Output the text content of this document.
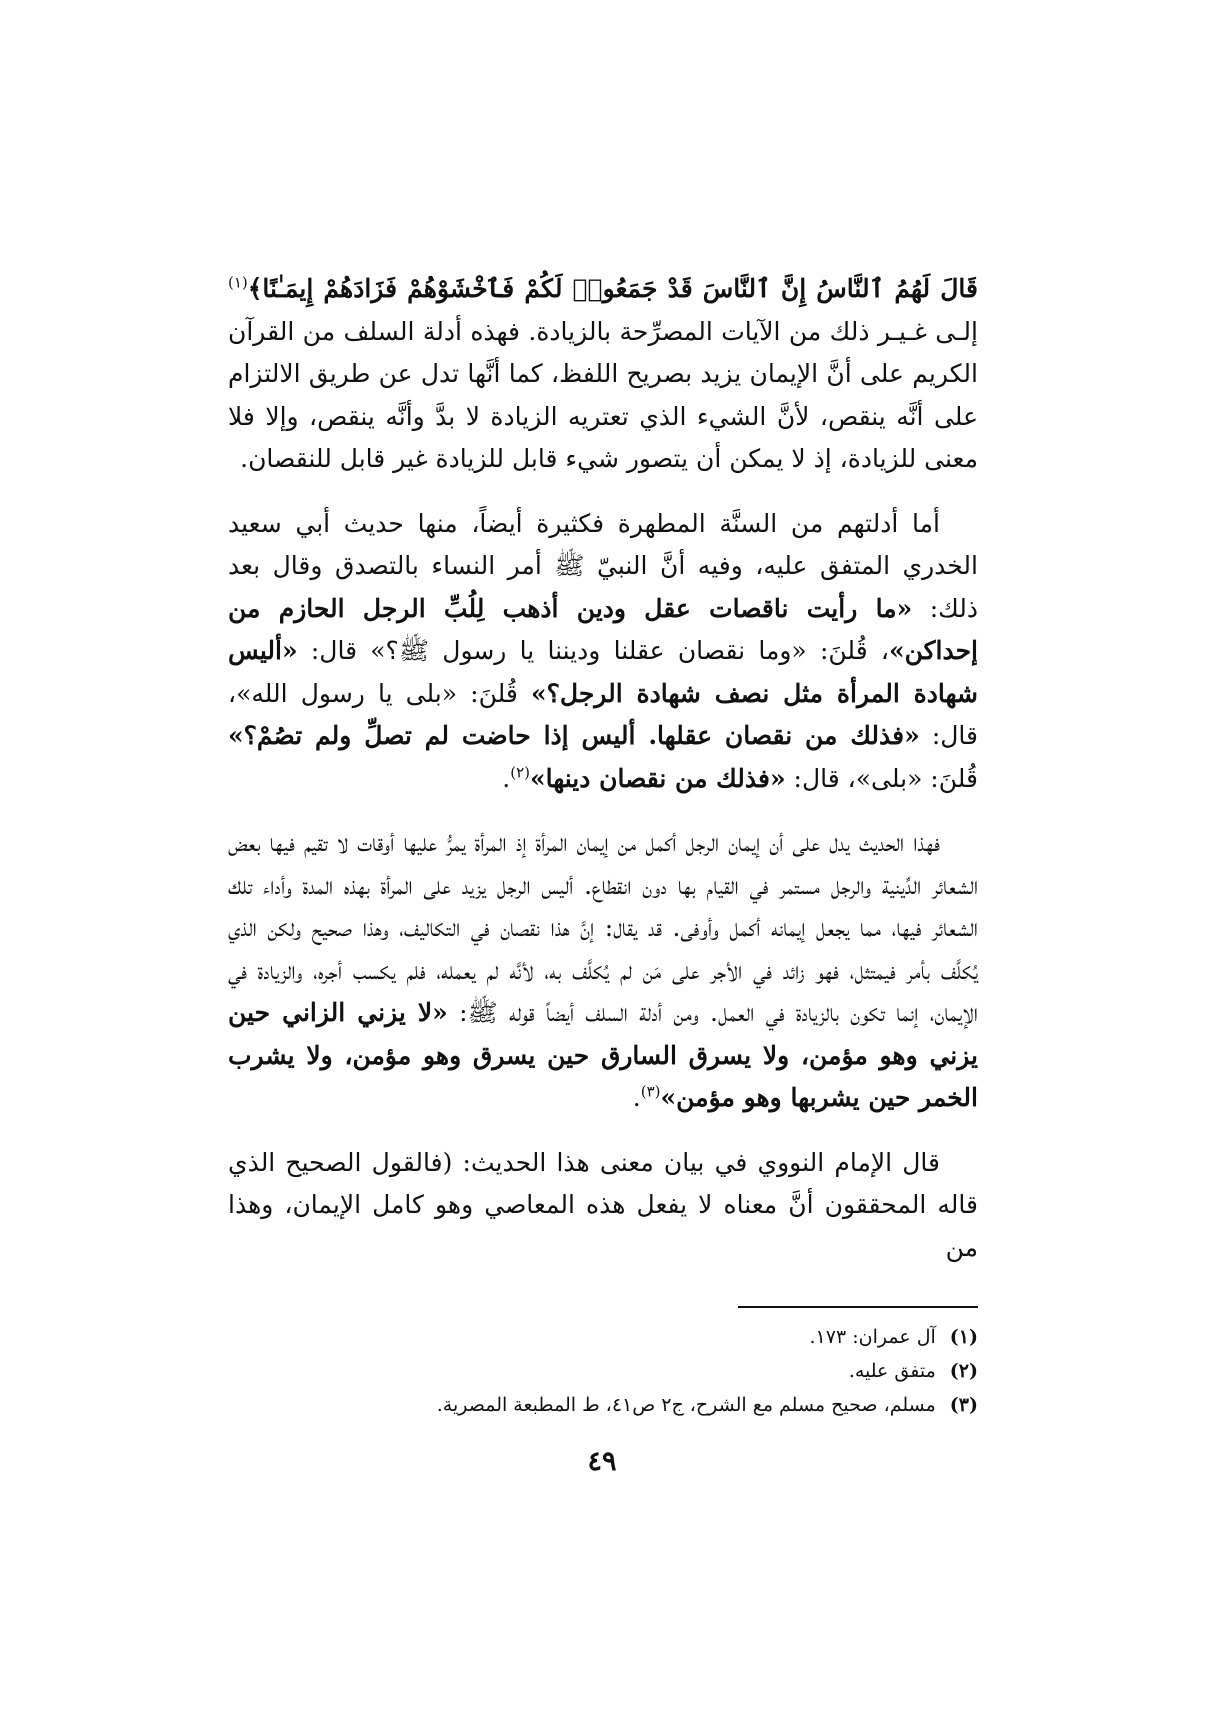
قَالَ لَهُمُ ٱلنَّاسُ إِنَّ ٱلنَّاسَ قَدْ جَمَعُوا۟ لَكُمْ فَٱخْشَوْهُمْ فَزَادَهُمْ إِيمَـٰنًا﴾$^{(١)}$ إلـى غـيـر ذلك من الآيات المصرِّحة بالزيادة. فهذه أدلة السلف من القرآن الكريم على أنَّ الإيمان يزيد بصريح اللفظ، كما أنَّها تدل عن طريق الالتزام على أنَّه ينقص، لأنَّ الشيء الذي تعتريه الزيادة لا بدَّ وأنَّه ينقص، وإلا فلا معنى للزيادة، إذ لا يمكن أن يتصور شيء قابل للزيادة غير قابل للنقصان.

أما أدلتهم من السنَّة المطهرة فكثيرة أيضاً، منها حديث أبي سعيد الخدري المتفق عليه، وفيه أنَّ النبيّ ﷺ أمر النساء بالتصدق وقال بعد ذلك: «ما رأيت ناقصات عقل ودين أذهب لِلُبِّ الرجل الحازم من إحداكن»، قُلنَ: «وما نقصان عقلنا وديننا يا رسول ﷺ؟» قال: «أليس شهادة المرأة مثل نصف شهادة الرجل؟» قُلنَ: «بلى يا رسول الله»، قال: «فذلك من نقصان عقلها. أليس إذا حاضت لم تصلِّ ولم تصُمْ؟» قُلنَ: «بلى»، قال: «فذلك من نقصان دينها»$^{(٢)}$.

فهذا الحديث يدل على أن إيمان الرجل أكمل من إيمان المرأة إذ المرأة يمرُّ عليها أوقات لا تقيم فيها بعض الشعائر الدِّينية والرجل مستمر في القيام بها دون انقطاع. أليس الرجل يزيد على المرأة بهذه المدة وأداء تلك الشعائر فيها، مما يجعل إيمانه أكمل وأوفى. قد يقال: إنَّ هذا نقصان في التكاليف، وهذا صحيح ولكن الذي يُكلَّف بأمر فيمتثل، فهو زائد في الأجر على مَن لم يُكلَّف به، لأنَّه لم يعمله، فلم يكسب أجره، والزيادة في الإيمان، إنما تكون بالزيادة في العمل. ومن أدلة السلف أيضاً قوله ﷺ: «لا يزني الزاني حين يزني وهو مؤمن، ولا يسرق السارق حين يسرق وهو مؤمن، ولا يشرب الخمر حين يشربها وهو مؤمن»$^{(٣)}$.

قال الإمام النووي في بيان معنى هذا الحديث: (فالقول الصحيح الذي قاله المحققون أنَّ معناه لا يفعل هذه المعاصي وهو كامل الإيمان، وهذا من

(١)آل عمران: ١٧٣.
(٢)متفق عليه.
(٣)مسلم، صحيح مسلم مع الشرح، ج٢ ص٤١، ط المطبعة المصرية.
٤٩
